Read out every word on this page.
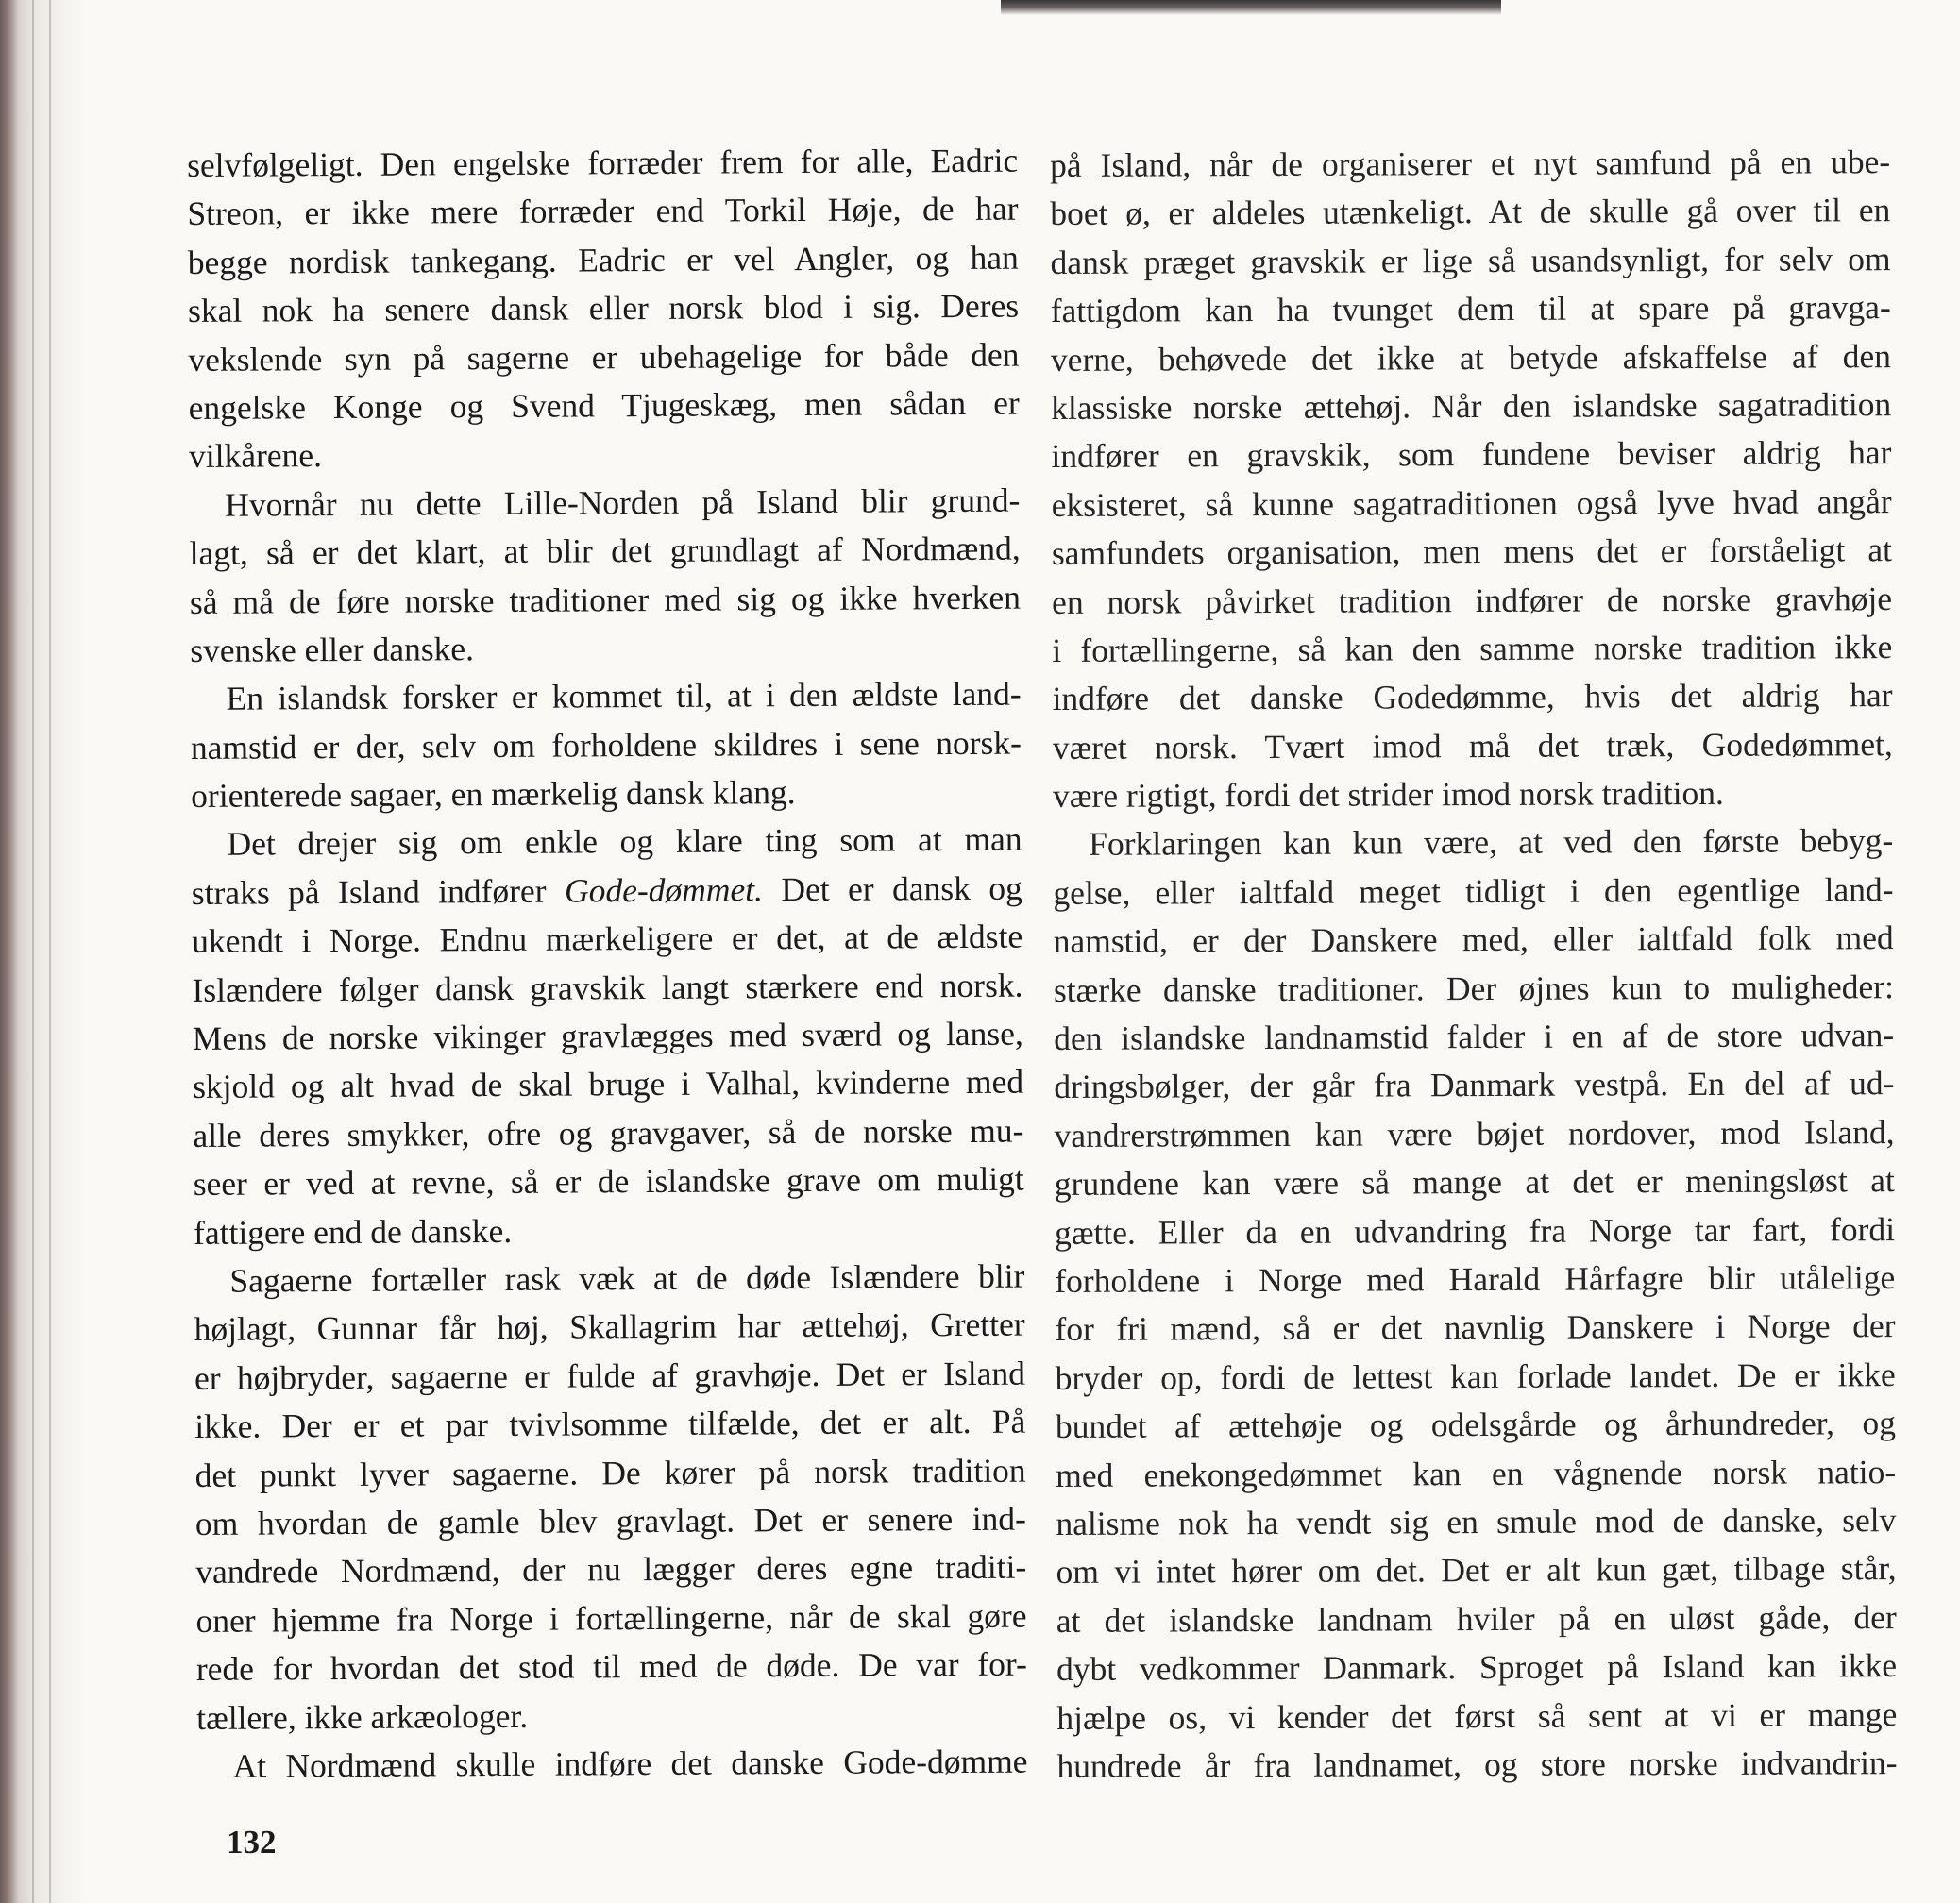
selvfølgeligt. Den engelske forræder frem for alle, Eadric
Streon, er ikke mere forræder end Torkil Høje, de har
begge nordisk tankegang. Eadric er vel Angler, og han
skal nok ha senere dansk eller norsk blod i sig. Deres
vekslende syn på sagerne er ubehagelige for både den
engelske Konge og Svend Tjugeskæg, men sådan er
vilkårene.
Hvornår nu dette Lille-Norden på Island blir grund-
lagt, så er det klart, at blir det grundlagt af Nordmænd,
så må de føre norske traditioner med sig og ikke hverken
svenske eller danske.
En islandsk forsker er kommet til, at i den ældste land-
namstid er der, selv om forholdene skildres i sene norsk-
orienterede sagaer, en mærkelig dansk klang.
Det drejer sig om enkle og klare ting som at man
straks på Island indfører Gode-dømmet. Det er dansk og
ukendt i Norge. Endnu mærkeligere er det, at de ældste
Islændere følger dansk gravskik langt stærkere end norsk.
Mens de norske vikinger gravlægges med sværd og lanse,
skjold og alt hvad de skal bruge i Valhal, kvinderne med
alle deres smykker, ofre og gravgaver, så de norske mu-
seer er ved at revne, så er de islandske grave om muligt
fattigere end de danske.
Sagaerne fortæller rask væk at de døde Islændere blir
højlagt, Gunnar får høj, Skallagrim har ættehøj, Gretter
er højbryder, sagaerne er fulde af gravhøje. Det er Island
ikke. Der er et par tvivlsomme tilfælde, det er alt. På
det punkt lyver sagaerne. De kører på norsk tradition
om hvordan de gamle blev gravlagt. Det er senere ind-
vandrede Nordmænd, der nu lægger deres egne traditi-
oner hjemme fra Norge i fortællingerne, når de skal gøre
rede for hvordan det stod til med de døde. De var for-
tællere, ikke arkæologer.
At Nordmænd skulle indføre det danske Gode-dømme
på Island, når de organiserer et nyt samfund på en ube-
boet ø, er aldeles utænkeligt. At de skulle gå over til en
dansk præget gravskik er lige så usandsynligt, for selv om
fattigdom kan ha tvunget dem til at spare på gravga-
verne, behøvede det ikke at betyde afskaffelse af den
klassiske norske ættehøj. Når den islandske sagatradition
indfører en gravskik, som fundene beviser aldrig har
eksisteret, så kunne sagatraditionen også lyve hvad angår
samfundets organisation, men mens det er forståeligt at
en norsk påvirket tradition indfører de norske gravhøje
i fortællingerne, så kan den samme norske tradition ikke
indføre det danske Godedømme, hvis det aldrig har
været norsk. Tvært imod må det træk, Godedømmet,
være rigtigt, fordi det strider imod norsk tradition.
Forklaringen kan kun være, at ved den første bebyg-
gelse, eller ialtfald meget tidligt i den egentlige land-
namstid, er der Danskere med, eller ialtfald folk med
stærke danske traditioner. Der øjnes kun to muligheder:
den islandske landnamstid falder i en af de store udvan-
dringsbølger, der går fra Danmark vestpå. En del af ud-
vandrerstrømmen kan være bøjet nordover, mod Island,
grundene kan være så mange at det er meningsløst at
gætte. Eller da en udvandring fra Norge tar fart, fordi
forholdene i Norge med Harald Hårfagre blir utålelige
for fri mænd, så er det navnlig Danskere i Norge der
bryder op, fordi de lettest kan forlade landet. De er ikke
bundet af ættehøje og odelsgårde og århundreder, og
med enekongedømmet kan en vågnende norsk natio-
nalisme nok ha vendt sig en smule mod de danske, selv
om vi intet hører om det. Det er alt kun gæt, tilbage står,
at det islandske landnam hviler på en uløst gåde, der
dybt vedkommer Danmark. Sproget på Island kan ikke
hjælpe os, vi kender det først så sent at vi er mange
hundrede år fra landnamet, og store norske indvandrin-
132
